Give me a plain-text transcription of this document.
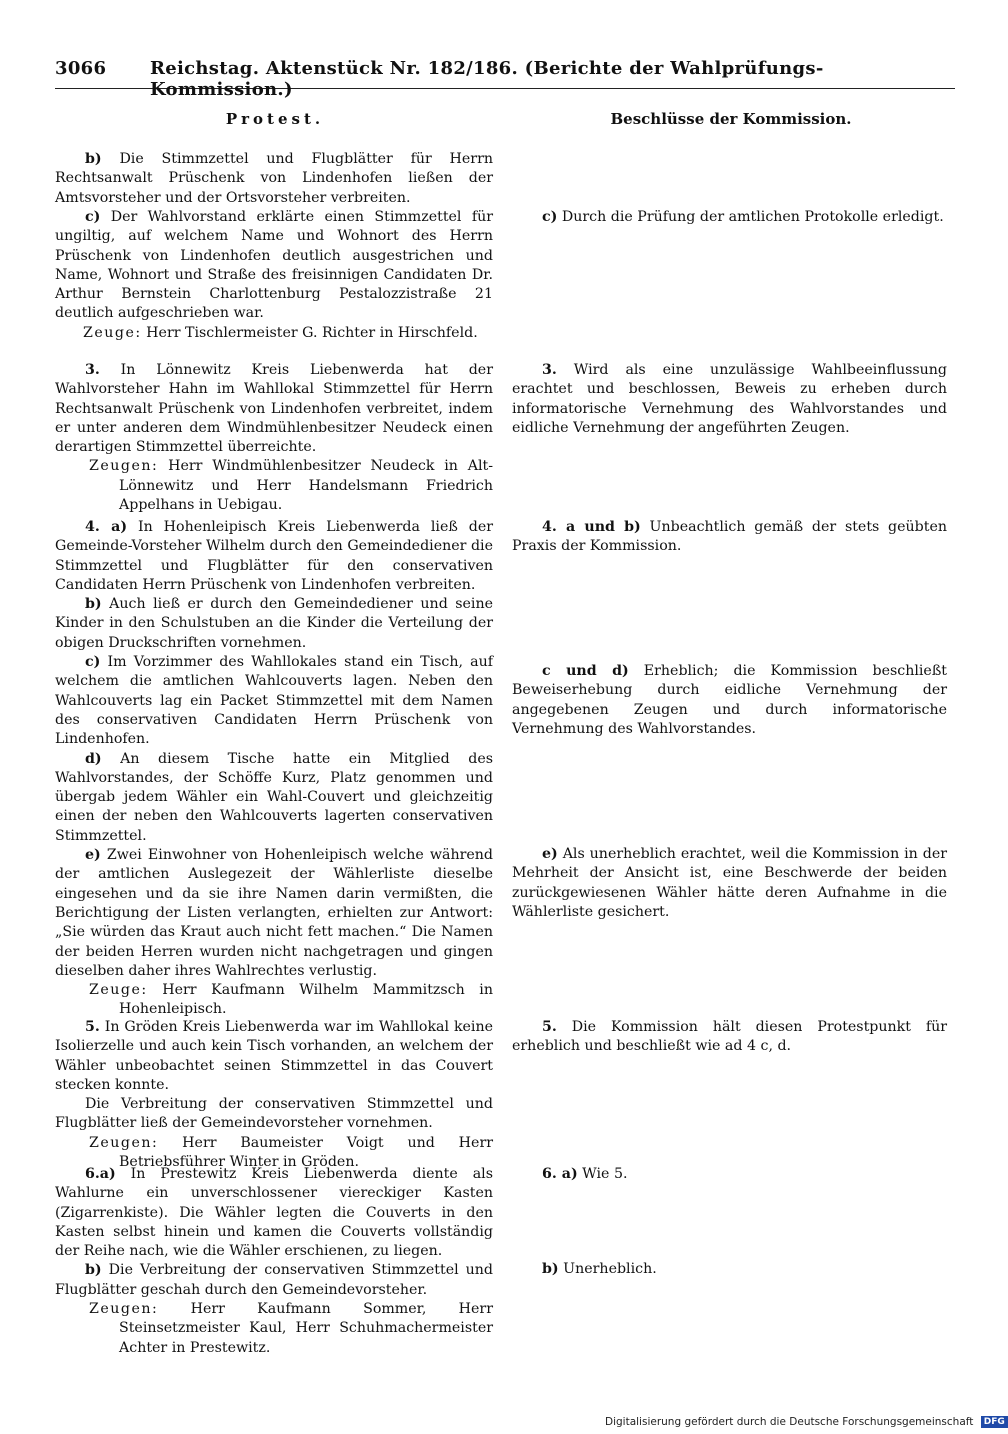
3066 Reichstag. Aktenstück Nr. 182/186. (Berichte der Wahlprüfungs-Kommission.)
Protest.	Beschlüsse der Kommission.

b) Die Stimmzettel und Flugblätter für Herrn Rechtsanwalt Prüschenk von Lindenhofen ließen der Amtsvorsteher und der Ortsvorsteher verbreiten.

c) Der Wahlvorstand erklärte einen Stimmzettel für ungiltig, auf welchem Name und Wohnort des Herrn Prüschenk von Lindenhofen deutlich ausgestrichen und Name, Wohnort und Straße des freisinnigen Candidaten Dr. Arthur Bernstein Charlottenburg Pestalozzistraße 21 deutlich aufgeschrieben war.

Zeuge: Herr Tischlermeister G. Richter in Hirschfeld.

3. In Lönnewitz Kreis Liebenwerda hat der Wahlvorsteher Hahn im Wahllokal Stimmzettel für Herrn Rechtsanwalt Prüschenk von Lindenhofen verbreitet, indem er unter anderen dem Windmühlenbesitzer Neudeck einen derartigen Stimmzettel überreichte.

Zeugen: Herr Windmühlenbesitzer Neudeck in Alt-Lönnewitz und Herr Handelsmann Friedrich Appelhans in Uebigau.

4. a) In Hohenleipisch Kreis Liebenwerda ließ der Gemeinde-Vorsteher Wilhelm durch den Gemeindediener die Stimmzettel und Flugblätter für den conservativen Candidaten Herrn Prüschenk von Lindenhofen verbreiten.

b) Auch ließ er durch den Gemeindediener und seine Kinder in den Schulstuben an die Kinder die Verteilung der obigen Druckschriften vornehmen.

c) Im Vorzimmer des Wahllokales stand ein Tisch, auf welchem die amtlichen Wahlcouverts lagen. Neben den Wahlcouverts lag ein Packet Stimmzettel mit dem Namen des conservativen Candidaten Herrn Prüschenk von Lindenhofen.

d) An diesem Tische hatte ein Mitglied des Wahlvorstandes, der Schöffe Kurz, Platz genommen und übergab jedem Wähler ein Wahl-Couvert und gleichzeitig einen der neben den Wahlcouverts lagerten conservativen Stimmzettel.

e) Zwei Einwohner von Hohenleipisch welche während der amtlichen Auslegezeit der Wählerliste dieselbe eingesehen und da sie ihre Namen darin vermißten, die Berichtigung der Listen verlangten, erhielten zur Antwort: „Sie würden das Kraut auch nicht fett machen.“ Die Namen der beiden Herren wurden nicht nachgetragen und gingen dieselben daher ihres Wahlrechtes verlustig.

Zeuge: Herr Kaufmann Wilhelm Mammitzsch in Hohenleipisch.

5. In Gröden Kreis Liebenwerda war im Wahllokal keine Isolierzelle und auch kein Tisch vorhanden, an welchem der Wähler unbeobachtet seinen Stimmzettel in das Couvert stecken konnte.

Die Verbreitung der conservativen Stimmzettel und Flugblätter ließ der Gemeindevorsteher vornehmen.

Zeugen: Herr Baumeister Voigt und Herr Betriebsführer Winter in Gröden.

6.a) In Prestewitz Kreis Liebenwerda diente als Wahlurne ein unverschlossener viereckiger Kasten (Zigarrenkiste). Die Wähler legten die Couverts in den Kasten selbst hinein und kamen die Couverts vollständig der Reihe nach, wie die Wähler erschienen, zu liegen.

b) Die Verbreitung der conservativen Stimmzettel und Flugblätter geschah durch den Gemeindevorsteher.

Zeugen: Herr Kaufmann Sommer, Herr Steinsetzmeister Kaul, Herr Schuhmachermeister Achter in Prestewitz.

c) Durch die Prüfung der amtlichen Protokolle erledigt.

3. Wird als eine unzulässige Wahlbeeinflussung erachtet und beschlossen, Beweis zu erheben durch informatorische Vernehmung des Wahlvorstandes und eidliche Vernehmung der angeführten Zeugen.

4. a und b) Unbeachtlich gemäß der stets geübten Praxis der Kommission.

c und d) Erheblich; die Kommission beschließt Beweiserhebung durch eidliche Vernehmung der angegebenen Zeugen und durch informatorische Vernehmung des Wahlvorstandes.

e) Als unerheblich erachtet, weil die Kommission in der Mehrheit der Ansicht ist, eine Beschwerde der beiden zurückgewiesenen Wähler hätte deren Aufnahme in die Wählerliste gesichert.

5. Die Kommission hält diesen Protestpunkt für erheblich und beschließt wie ad 4 c, d.

6. a) Wie 5.

b) Unerheblich.

Digitalisierung gefördert durch die Deutsche Forschungsgemeinschaft DFG
